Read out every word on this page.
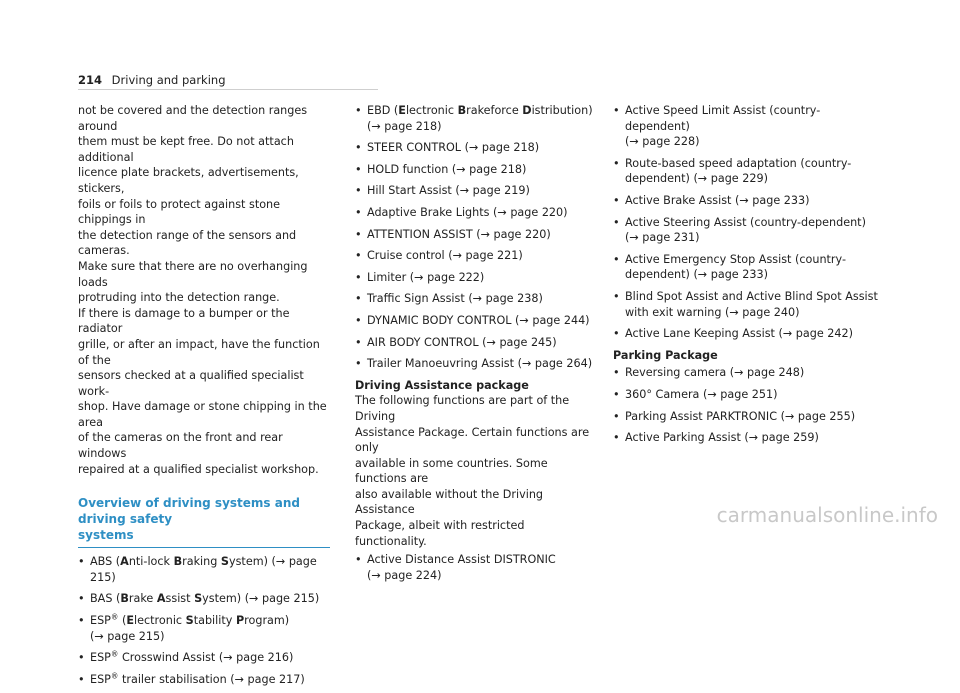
214 Driving and parking

not be covered and the detection ranges around

them must be kept free. Do not attach additional

licence plate brackets, advertisements, stickers,

foils or foils to protect against stone chippings in

the detection range of the sensors and cameras.

Make sure that there are no overhanging loads

protruding into the detection range.

If there is damage to a bumper or the radiator

grille, or after an impact, have the function of the

sensors checked at a qualified specialist work-

shop. Have damage or stone chipping in the area

of the cameras on the front and rear windows

repaired at a qualified specialist workshop.

Overview of driving systems and driving safety
systems
• ABS (Anti-lock Braking System) (→ page 215)
• BAS (Brake Assist System) (→ page 215)
• ESP® (Electronic Stability Program)
(→ page 215)
• ESP® Crosswind Assist (→ page 216)
• ESP® trailer stabilisation (→ page 217)
• EBD (Electronic Brakeforce Distribution)
(→ page 218)
• STEER CONTROL (→ page 218)
• HOLD function (→ page 218)
• Hill Start Assist (→ page 219)
• Adaptive Brake Lights (→ page 220)
• ATTENTION ASSIST (→ page 220)
• Cruise control (→ page 221)
• Limiter (→ page 222)
• Traffic Sign Assist (→ page 238)
• DYNAMIC BODY CONTROL (→ page 244)
• AIR BODY CONTROL (→ page 245)
• Trailer Manoeuvring Assist (→ page 264)

Driving Assistance package

The following functions are part of the Driving

Assistance Package. Certain functions are only

available in some countries. Some functions are

also available without the Driving Assistance

Package, albeit with restricted functionality.

• Active Distance Assist DISTRONIC
(→ page 224)
• Active Speed Limit Assist (country-dependent)
(→ page 228)
• Route-based speed adaptation (country-
dependent) (→ page 229)
• Active Brake Assist (→ page 233)
• Active Steering Assist (country-dependent)
(→ page 231)
• Active Emergency Stop Assist (country-
dependent) (→ page 233)
• Blind Spot Assist and Active Blind Spot Assist
with exit warning (→ page 240)
• Active Lane Keeping Assist (→ page 242)

Parking Package

• Reversing camera (→ page 248)
• 360° Camera (→ page 251)
• Parking Assist PARKTRONIC (→ page 255)
• Active Parking Assist (→ page 259)
carmanualsonline.info
